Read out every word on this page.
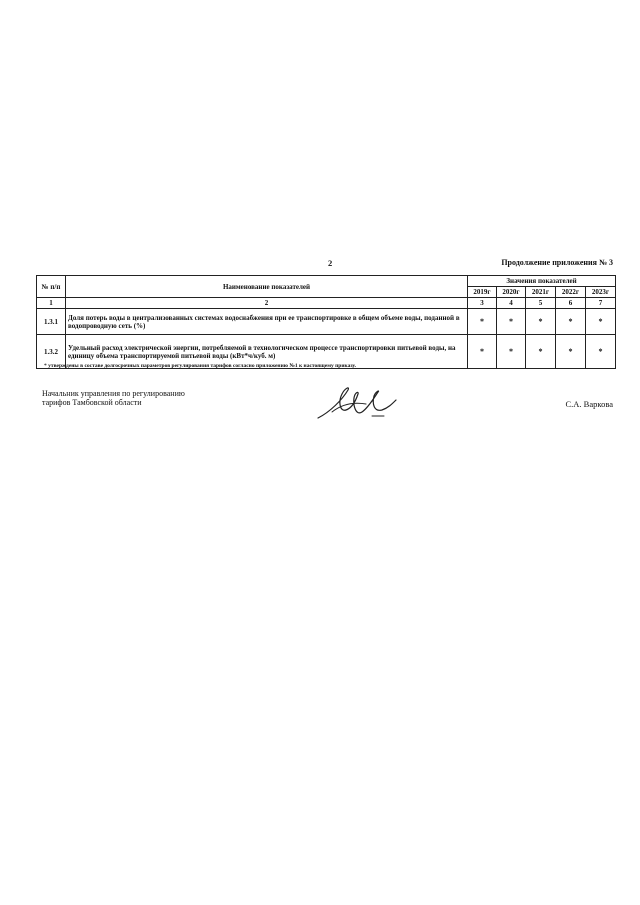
2	Продолжение приложения № 3
№ п/п	Наименование показателей	Значения показателей				
		2019г	2020г	2021г	2022г	2023г
1	2	3	4	5	6	7
1.3.1	Доля потерь воды в централизованных системах водоснабжения при ее транспортировке в общем объеме воды, поданной в водопроводную сеть (%)	*	*	*	*	*
1.3.2	Удельный расход электрической энергии, потребляемой в технологическом процессе транспортировки питьевой воды, на единицу объема транспортируемой питьевой воды (кВт*ч/куб. м)	*	*	*	*	*
* утверждены в составе долгосрочных параметров регулирования тарифов согласно приложению №1 к настоящему приказу.
Начальник управления по регулированию
тарифов Тамбовской области	С.А. Варкова
